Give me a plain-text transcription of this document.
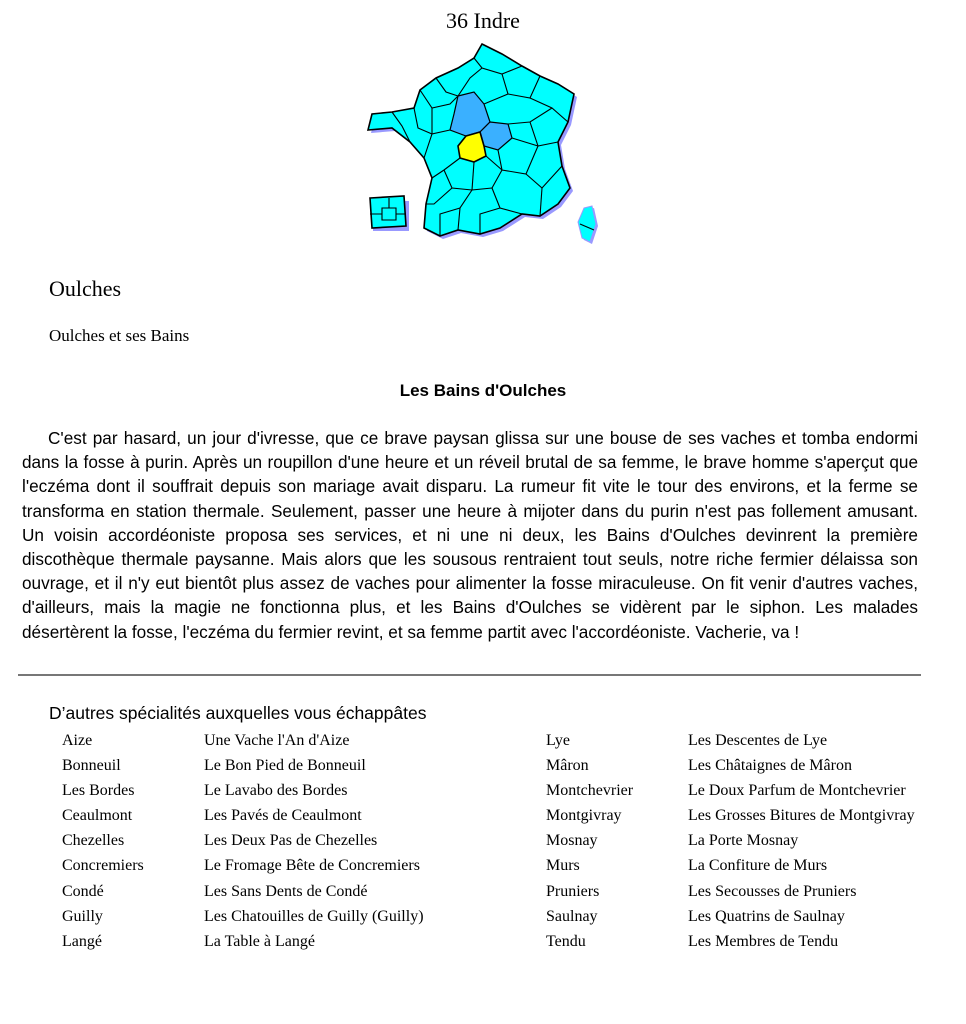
36 Indre
Oulches
Oulches et ses Bains
Les Bains d'Oulches

C'est par hasard, un jour d'ivresse, que ce brave paysan glissa sur une bouse de ses vaches et tomba endormi dans la fosse à purin. Après un roupillon d'une heure et un réveil brutal de sa femme, le brave homme s'aperçut que l'eczéma dont il souffrait depuis son mariage avait disparu. La rumeur fit vite le tour des environs, et la ferme se transforma en station thermale. Seulement, passer une heure à mijoter dans du purin n'est pas follement amusant. Un voisin accordéoniste proposa ses services, et ni une ni deux, les Bains d'Oulches devinrent la première discothèque thermale paysanne. Mais alors que les sousous rentraient tout seuls, notre riche fermier délaissa son ouvrage, et il n'y eut bientôt plus assez de vaches pour alimenter la fosse miraculeuse. On fit venir d'autres vaches, d'ailleurs, mais la magie ne fonctionna plus, et les Bains d'Oulches se vidèrent par le siphon. Les malades désertèrent la fosse, l'eczéma du fermier revint, et sa femme partit avec l'accordéoniste. Vacherie, va !

D’autres spécialités auxquelles vous échappâtes
Aize
Bonneuil
Les Bordes
Ceaulmont
Chezelles
Concremiers
Condé
Guilly
Langé
Une Vache l'An d'Aize
Le Bon Pied de Bonneuil
Le Lavabo des Bordes
Les Pavés de Ceaulmont
Les Deux Pas de Chezelles
Le Fromage Bête de Concremiers
Les Sans Dents de Condé
Les Chatouilles de Guilly (Guilly)
La Table à Langé
Lye
Mâron
Montchevrier
Montgivray
Mosnay
Murs
Pruniers
Saulnay
Tendu
Les Descentes de Lye
Les Châtaignes de Mâron
Le Doux Parfum de Montchevrier
Les Grosses Bitures de Montgivray
La Porte Mosnay
La Confiture de Murs
Les Secousses de Pruniers
Les Quatrins de Saulnay
Les Membres de Tendu
